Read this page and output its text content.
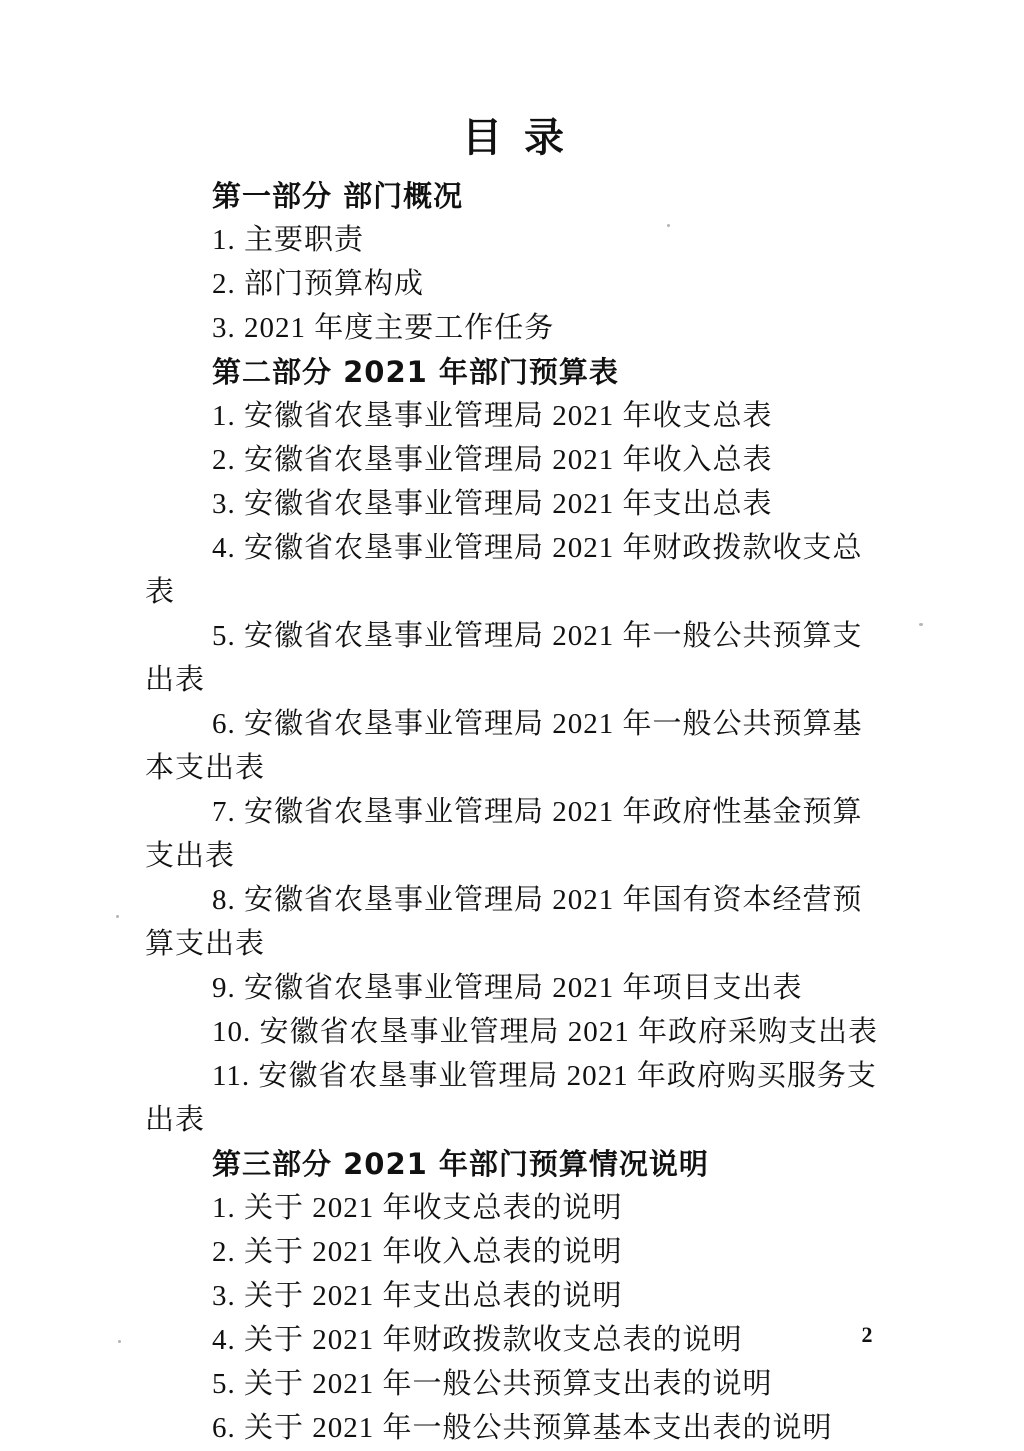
目 录
第一部分 部门概况
1. 主要职责
2. 部门预算构成
3. 2021 年度主要工作任务
第二部分 2021 年部门预算表
1. 安徽省农垦事业管理局 2021 年收支总表
2. 安徽省农垦事业管理局 2021 年收入总表
3. 安徽省农垦事业管理局 2021 年支出总表
4. 安徽省农垦事业管理局 2021 年财政拨款收支总表
5. 安徽省农垦事业管理局 2021 年一般公共预算支出表
6. 安徽省农垦事业管理局 2021 年一般公共预算基本支出表
7. 安徽省农垦事业管理局 2021 年政府性基金预算支出表
8. 安徽省农垦事业管理局 2021 年国有资本经营预算支出表
9. 安徽省农垦事业管理局 2021 年项目支出表
10. 安徽省农垦事业管理局 2021 年政府采购支出表
11. 安徽省农垦事业管理局 2021 年政府购买服务支出表
第三部分 2021 年部门预算情况说明
1. 关于 2021 年收支总表的说明
2. 关于 2021 年收入总表的说明
3. 关于 2021 年支出总表的说明
4. 关于 2021 年财政拨款收支总表的说明
5. 关于 2021 年一般公共预算支出表的说明
6. 关于 2021 年一般公共预算基本支出表的说明
2
